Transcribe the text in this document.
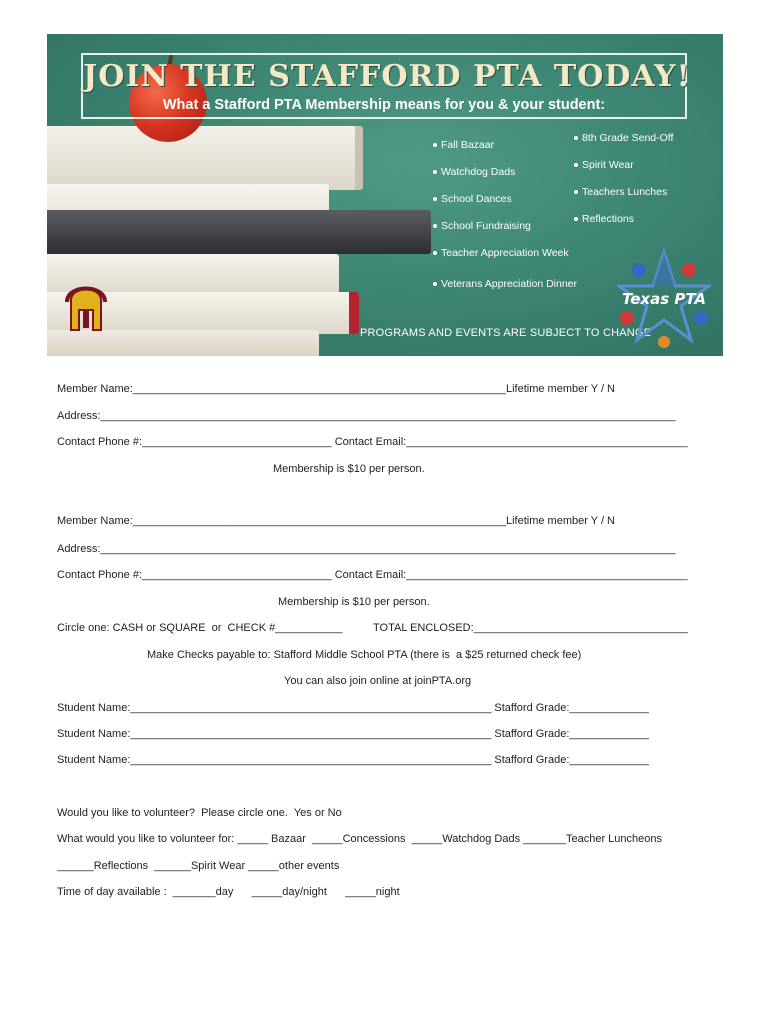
JOIN THE STAFFORD PTA TODAY!
What a Stafford PTA Membership means for you & your student:
Fall Bazaar
Watchdog Dads
School Dances
School Fundraising
Teacher Appreciation Week
Veterans Appreciation Dinner
8th Grade Send-Off
Spirit Wear
Teachers Lunches
Reflections
PROGRAMS AND EVENTS ARE SUBJECT TO CHANGE
Texas PTA
Member Name:_____________________________________________________________Lifetime member Y / N
Address:______________________________________________________________________________________________
Contact Phone #:_______________________________ Contact Email:______________________________________________
Membership is $10 per person.
Member Name:_____________________________________________________________Lifetime member Y / N
Address:______________________________________________________________________________________________
Contact Phone #:_______________________________ Contact Email:______________________________________________
Membership is $10 per person.
Circle one: CASH or SQUARE  or  CHECK #___________	TOTAL ENCLOSED:___________________________________
Make Checks payable to: Stafford Middle School PTA (there is  a $25 returned check fee)
You can also join online at joinPTA.org
Student Name:___________________________________________________________ Stafford Grade:_____________
Student Name:___________________________________________________________ Stafford Grade:_____________
Student Name:___________________________________________________________ Stafford Grade:_____________
Would you like to volunteer?  Please circle one.  Yes or No
What would you like to volunteer for: _____ Bazaar  _____Concessions  _____Watchdog Dads _______Teacher Luncheons
______Reflections  ______Spirit Wear _____other events
Time of day available :  _______day      _____day/night      _____night
